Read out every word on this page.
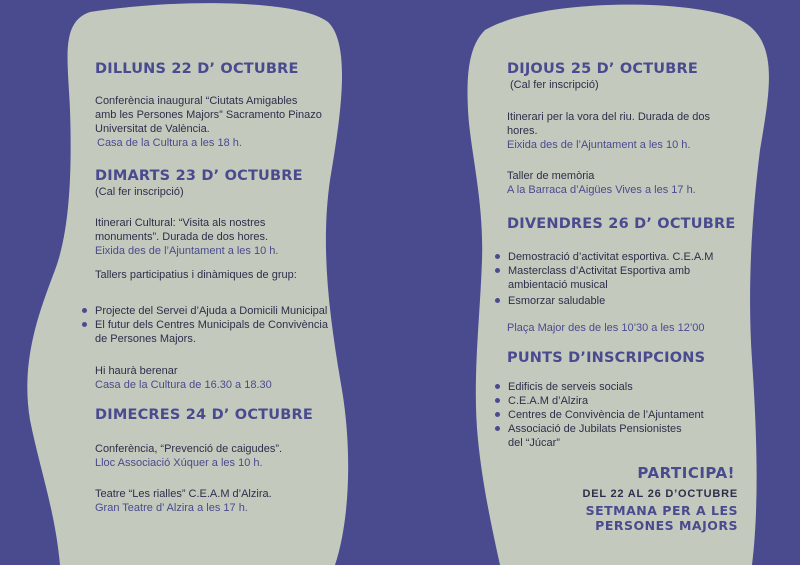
DILLUNS 22 D’ OCTUBRE
Conferència inaugural “Ciutats Amigables
amb les Persones Majors” Sacramento Pinazo
Universitat de València.
Casa de la Cultura a les 18 h.
DIMARTS 23 D’ OCTUBRE
(Cal fer inscripció)
Itinerari Cultural: “Visita als nostres
monuments”. Durada de dos hores.
Eixida des de l’Ajuntament a les 10 h.
Tallers participatius i dinàmiques de grup:
Projecte del Servei d’Ajuda a Domicili Municipal
El futur dels Centres Municipals de Convivència
de Persones Majors.
Hi haurà berenar
Casa de la Cultura de 16.30 a 18.30
DIMECRES 24 D’ OCTUBRE
Conferència, “Prevenció de caigudes”.
Lloc Associació Xúquer a les 10 h.
Teatre “Les rialles” C.E.A.M d’Alzira.
Gran Teatre d’ Alzira a les 17 h.
DIJOUS 25 D’ OCTUBRE
(Cal fer inscripció)
Itinerari per la vora del riu. Durada de dos
hores.
Eixida des de l’Ajuntament a les 10 h.
Taller de memòria
A la Barraca d’Aigües Vives a les 17 h.
DIVENDRES 26 D’ OCTUBRE
Demostració d’activitat esportiva. C.E.A.M
Masterclass d’Activitat Esportiva amb
ambientació musical
Esmorzar saludable
Plaça Major des de les 10’30 a les 12’00
PUNTS D’INSCRIPCIONS
Edificis de serveis socials
C.E.A.M d’Alzira
Centres de Convivència de l’Ajuntament
Associació de Jubilats Pensionistes
del “Júcar”
PARTICIPA!
DEL 22 AL 26 D’OCTUBRE
SETMANA PER A LES
PERSONES MAJORS
